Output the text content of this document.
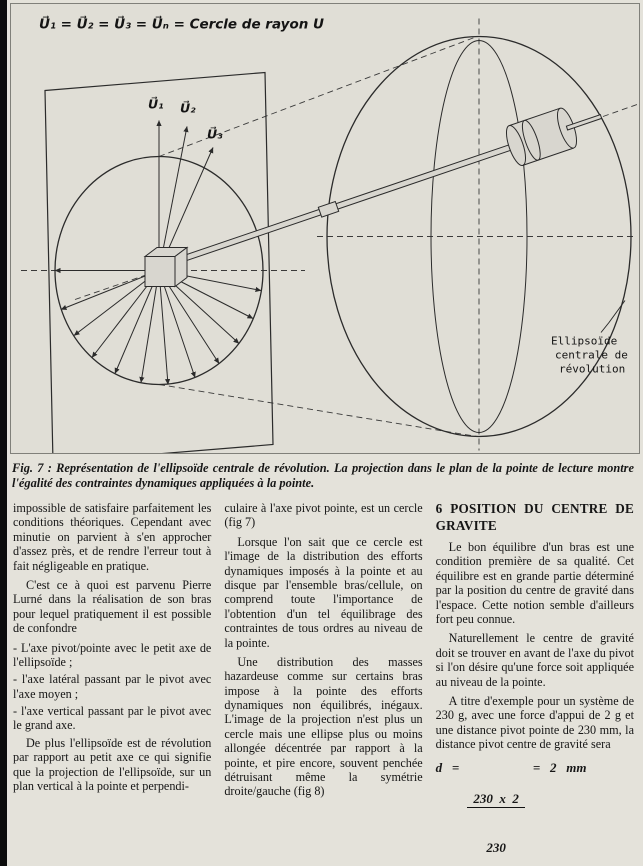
U⃗₁ = U⃗₂ = U⃗₃ = U⃗ₙ = Cercle de rayon U
U⃗₁ U⃗₂
U⃗₃
Ellipsoïde
centrale de
révolution
Fig. 7 : Représentation de l'ellipsoïde centrale de révolution. La projection dans le plan de la pointe de lecture montre l'égalité des contraintes dynamiques appliquées à la pointe.

impossible de satisfaire parfaitement les conditions théoriques. Cependant avec minutie on parvient à s'en approcher d'assez près, et de rendre l'erreur tout à fait négligeable en pratique.

C'est ce à quoi est parvenu Pierre Lurné dans la réalisation de son bras pour lequel pratiquement il est possible de confondre

- L'axe pivot/pointe avec le petit axe de l'ellipsoïde ;

- l'axe latéral passant par le pivot avec l'axe moyen ;

- l'axe vertical passant par le pivot avec le grand axe.

De plus l'ellipsoïde est de révolution par rapport au petit axe ce qui signifie que la projection de l'ellipsoïde, sur un plan vertical à la pointe et perpendi-

culaire à l'axe pivot pointe, est un cercle (fig 7)

Lorsque l'on sait que ce cercle est l'image de la distribution des efforts dynamiques imposés à la pointe et au disque par l'ensemble bras/cellule, on comprend toute l'importance de l'obtention d'un tel équilibrage des contraintes de tous ordres au niveau de la pointe.

Une distribution des masses hazardeuse comme sur certains bras impose à la pointe des efforts dynamiques non équilibrés, inégaux. L'image de la projection n'est plus un cercle mais une ellipse plus ou moins allongée décentrée par rapport à la pointe, et pire encore, souvent penchée détruisant même la symétrie droite/gauche (fig 8)

6 POSITION DU CENTRE DE GRAVITE

Le bon équilibre d'un bras est une condition première de sa qualité. Cet équilibre est en grande partie déterminé par la position du centre de gravité dans l'espace. Cette notion semble d'ailleurs fort peu connue.

Naturellement le centre de gravité doit se trouver en avant de l'axe du pivot si l'on désire qu'une force soit appliquée au niveau de la pointe.

A titre d'exemple pour un système de 230 g, avec une force d'appui de 2 g et une distance pivot pointe de 230 mm, la distance pivot centre de gravité sera

d   =

$\frac{230 x 2}{230}$

=   2   mm
